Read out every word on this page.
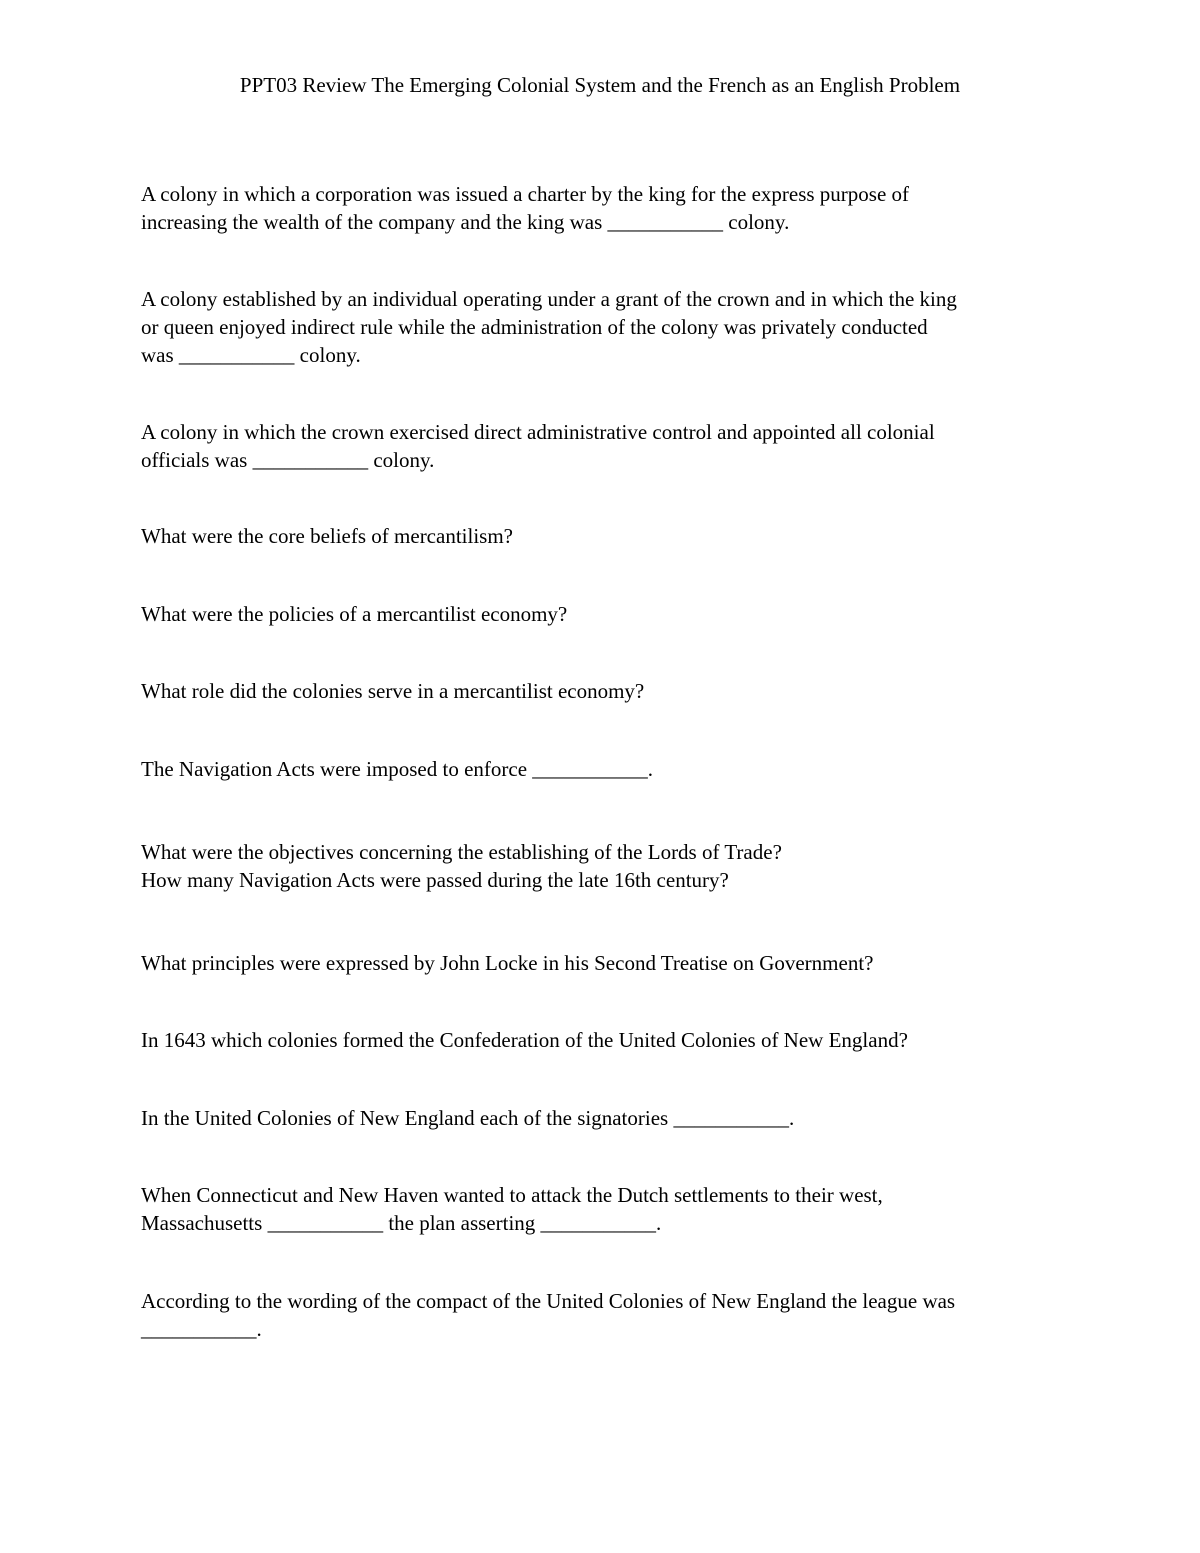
PPT03 Review The Emerging Colonial System and the French as an English Problem

A colony in which a corporation was issued a charter by the king for the express purpose of
increasing the wealth of the company and the king was ___________ colony.

A colony established by an individual operating under a grant of the crown and in which the king
or queen enjoyed indirect rule while the administration of the colony was privately conducted
was ___________ colony.

A colony in which the crown exercised direct administrative control and appointed all colonial
officials was ___________ colony.

What were the core beliefs of mercantilism?

What were the policies of a mercantilist economy?

What role did the colonies serve in a mercantilist economy?

The Navigation Acts were imposed to enforce ___________.

What were the objectives concerning the establishing of the Lords of Trade?
How many Navigation Acts were passed during the late 16th century?

What principles were expressed by John Locke in his Second Treatise on Government?

In 1643 which colonies formed the Confederation of the United Colonies of New England?

In the United Colonies of New England each of the signatories ___________.

When Connecticut and New Haven wanted to attack the Dutch settlements to their west,
Massachusetts ___________ the plan asserting ___________.

According to the wording of the compact of the United Colonies of New England the league was
___________.
